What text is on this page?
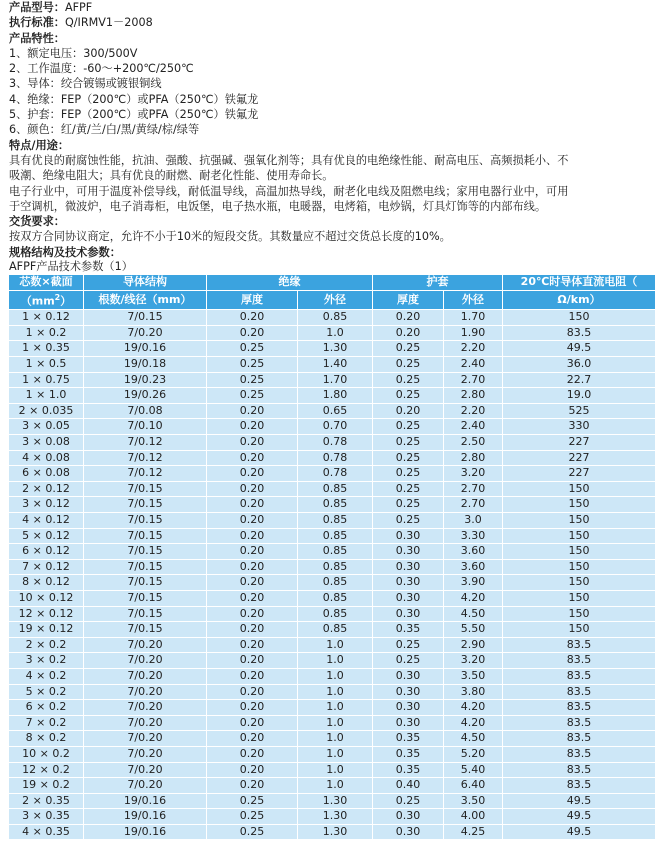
产品型号：AFPF
执行标准：Q/IRMV1－2008
产品特性：
1、额定电压：300/500V
2、工作温度：-60～+200℃/250℃
3、导体：绞合镀锡或镀银铜线
4、绝缘：FEP（200℃）或PFA（250℃）铁氟龙
5、护套：FEP（200℃）或PFA（250℃）铁氟龙
6、颜色：红/黄/兰/白/黑/黄绿/棕/绿等
特点/用途：
具有优良的耐腐蚀性能，抗油、强酸、抗强碱、强氧化剂等；具有优良的电绝缘性能、耐高电压、高频损耗小、不
吸潮、绝缘电阻大；具有优良的耐燃、耐老化性能、使用寿命长。
电子行业中，可用于温度补偿导线，耐低温导线，高温加热导线，耐老化电线及阻燃电线；家用电器行业中，可用
于空调机，微波炉，电子消毒柜，电饭堡，电子热水瓶，电暖器，电烤箱，电炒锅，灯具灯饰等的内部布线。
交货要求：
按双方合同协议商定，允许不小于10米的短段交货。其数量应不超过交货总长度的10%。
规格结构及技术参数：
AFPF产品技术参数（1）
芯数×截面	导体结构	绝缘		护套		20℃时导体直流电阻（
$(mm^2)$	根数/线径（mm）	厚度	外径	厚度	外径	Ω/km）
1 × 0.12	7/0.15	0.20	0.85	0.20	1.70	150
1 × 0.2	7/0.20	0.20	1.0	0.20	1.90	83.5
1 × 0.35	19/0.16	0.25	1.30	0.25	2.20	49.5
1 × 0.5	19/0.18	0.25	1.40	0.25	2.40	36.0
1 × 0.75	19/0.23	0.25	1.70	0.25	2.70	22.7
1 × 1.0	19/0.26	0.25	1.80	0.25	2.80	19.0
2 × 0.035	7/0.08	0.20	0.65	0.20	2.20	525
3 × 0.05	7/0.10	0.20	0.70	0.25	2.40	330
3 × 0.08	7/0.12	0.20	0.78	0.25	2.50	227
4 × 0.08	7/0.12	0.20	0.78	0.25	2.80	227
6 × 0.08	7/0.12	0.20	0.78	0.25	3.20	227
2 × 0.12	7/0.15	0.20	0.85	0.25	2.70	150
3 × 0.12	7/0.15	0.20	0.85	0.25	2.70	150
4 × 0.12	7/0.15	0.20	0.85	0.25	3.0	150
5 × 0.12	7/0.15	0.20	0.85	0.30	3.30	150
6 × 0.12	7/0.15	0.20	0.85	0.30	3.60	150
7 × 0.12	7/0.15	0.20	0.85	0.30	3.60	150
8 × 0.12	7/0.15	0.20	0.85	0.30	3.90	150
10 × 0.12	7/0.15	0.20	0.85	0.30	4.20	150
12 × 0.12	7/0.15	0.20	0.85	0.30	4.50	150
19 × 0.12	7/0.15	0.20	0.85	0.35	5.50	150
2 × 0.2	7/0.20	0.20	1.0	0.25	2.90	83.5
3 × 0.2	7/0.20	0.20	1.0	0.25	3.20	83.5
4 × 0.2	7/0.20	0.20	1.0	0.30	3.50	83.5
5 × 0.2	7/0.20	0.20	1.0	0.30	3.80	83.5
6 × 0.2	7/0.20	0.20	1.0	0.30	4.20	83.5
7 × 0.2	7/0.20	0.20	1.0	0.30	4.20	83.5
8 × 0.2	7/0.20	0.20	1.0	0.35	4.50	83.5
10 × 0.2	7/0.20	0.20	1.0	0.35	5.20	83.5
12 × 0.2	7/0.20	0.20	1.0	0.35	5.40	83.5
19 × 0.2	7/0.20	0.20	1.0	0.40	6.40	83.5
2 × 0.35	19/0.16	0.25	1.30	0.25	3.50	49.5
3 × 0.35	19/0.16	0.25	1.30	0.30	4.00	49.5
4 × 0.35	19/0.16	0.25	1.30	0.30	4.25	49.5
